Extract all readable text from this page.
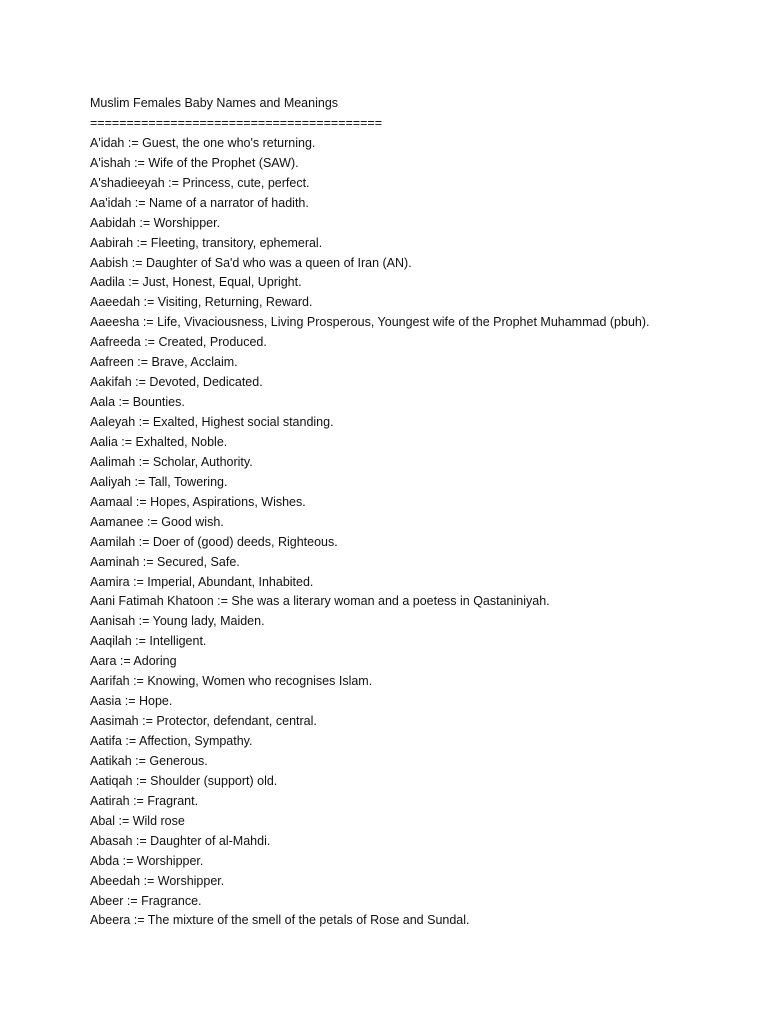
Muslim Females Baby Names and Meanings
========================================
A'idah := Guest, the one who's returning.
A'ishah := Wife of the Prophet (SAW).
A'shadieeyah := Princess, cute, perfect.
Aa'idah := Name of a narrator of hadith.
Aabidah := Worshipper.
Aabirah := Fleeting, transitory, ephemeral.
Aabish := Daughter of Sa'd who was a queen of Iran (AN).
Aadila := Just, Honest, Equal, Upright.
Aaeedah := Visiting, Returning, Reward.
Aaeesha := Life, Vivaciousness, Living Prosperous, Youngest wife of the Prophet Muhammad (pbuh).
Aafreeda := Created, Produced.
Aafreen := Brave, Acclaim.
Aakifah := Devoted, Dedicated.
Aala := Bounties.
Aaleyah := Exalted, Highest social standing.
Aalia := Exhalted, Noble.
Aalimah := Scholar, Authority.
Aaliyah := Tall, Towering.
Aamaal := Hopes, Aspirations, Wishes.
Aamanee := Good wish.
Aamilah := Doer of (good) deeds, Righteous.
Aaminah := Secured, Safe.
Aamira := Imperial, Abundant, Inhabited.
Aani Fatimah Khatoon := She was a literary woman and a poetess in Qastaniniyah.
Aanisah := Young lady, Maiden.
Aaqilah := Intelligent.
Aara := Adoring
Aarifah := Knowing, Women who recognises Islam.
Aasia := Hope.
Aasimah := Protector, defendant, central.
Aatifa := Affection, Sympathy.
Aatikah := Generous.
Aatiqah := Shoulder (support) old.
Aatirah := Fragrant.
Abal := Wild rose
Abasah := Daughter of al-Mahdi.
Abda := Worshipper.
Abeedah := Worshipper.
Abeer := Fragrance.
Abeera := The mixture of the smell of the petals of Rose and Sundal.
